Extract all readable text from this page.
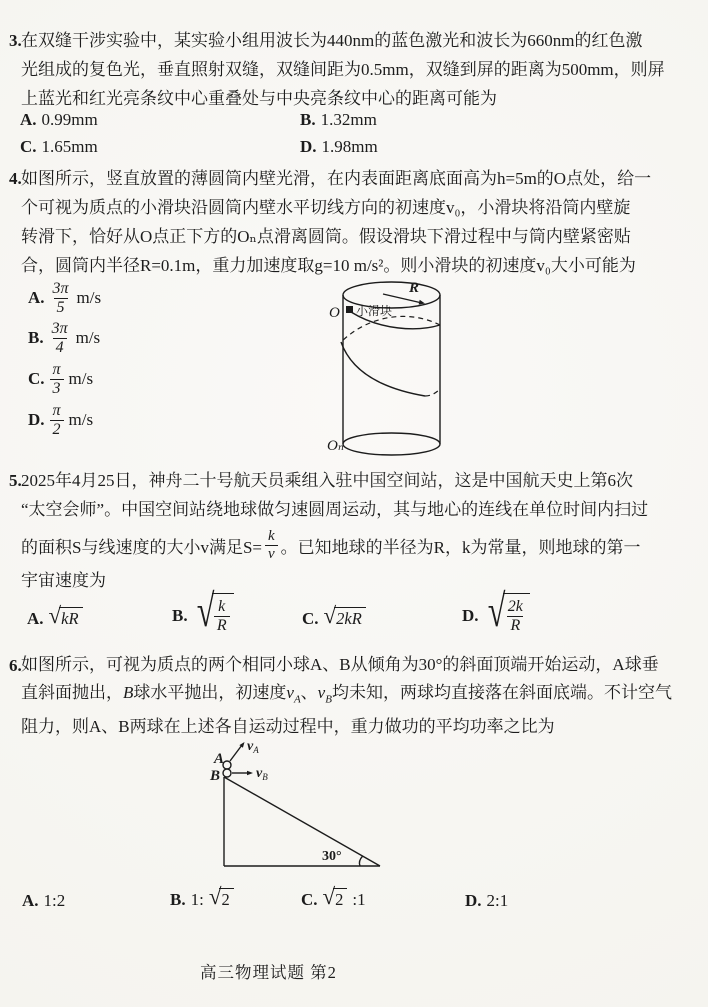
3. 在双缝干涉实验中，某实验小组用波长为440nm的蓝色激光和波长为660nm的红色激
光组成的复色光，垂直照射双缝，双缝间距为0.5mm，双缝到屏的距离为500mm，则屏
上蓝光和红光亮条纹中心重叠处与中央亮条纹中心的距离可能为
A. 0.99mm	B. 1.32mm
C. 1.65mm	D. 1.98mm
4. 如图所示，竖直放置的薄圆筒内壁光滑，在内表面距离底面高为h=5m的O点处，给一
个可视为质点的小滑块沿圆筒内壁水平切线方向的初速度v₀，小滑块将沿筒内壁旋
转滑下，恰好从O点正下方的Oₙ点滑离圆筒。假设滑块下滑过程中与筒内壁紧密贴
合，圆筒内半径R=0.1m，重力加速度取g=10 m/s²。则小滑块的初速度v₀大小可能为
A. $\frac{3\pi}{5} m/s$
B. $\frac{3\pi}{4} m/s$
C. $\frac{\pi}{3} m/s$
D. $\frac{\pi}{2} m/s$
O 小滑块
R
Oₙ
5. 2025年4月25日，神舟二十号航天员乘组入驻中国空间站，这是中国航天史上第6次
“太空会师”。中国空间站绕地球做匀速圆周运动，其与地心的连线在单位时间内扫过
的面积S与线速度的大小v满足$S= \frac{k}{v}$ 。已知地球的半径为R，k为常量，则地球的第一
宇宙速度为
A. √ kR	B. √ $\frac{k}{R}$	C. √ 2kR	D. √ $\frac{2k}{R}$
6. 如图所示，可视为质点的两个相同小球A、B从倾角为30°的斜面顶端开始运动，A球垂
直斜面抛出，B球水平抛出，初速度$v_A$、$v_B$均未知，两球均直接落在斜面底端。不计空气
阻力，则A、B两球在上述各自运动过程中，重力做功的平均功率之比为
A
B
vA
vB
30°
A. 1:2	B. 1: √ 2	C. √ 2 :1	D. 2:1
高三物理试题 第2
